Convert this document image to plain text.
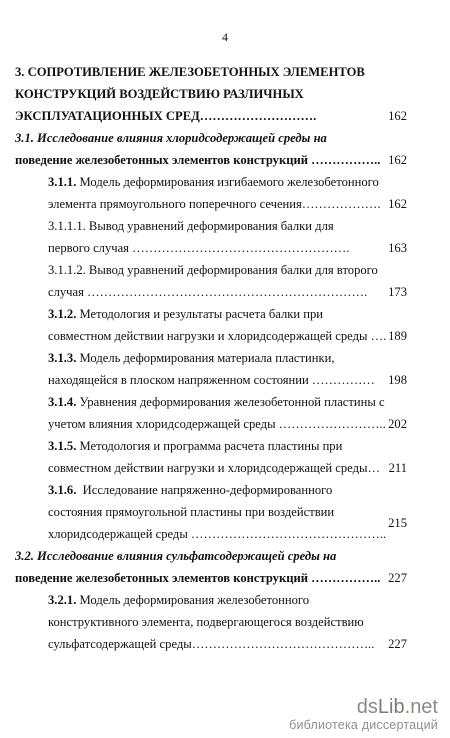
4
3. СОПРОТИВЛЕНИЕ ЖЕЛЕЗОБЕТОННЫХ ЭЛЕМЕНТОВ
КОНСТРУКЦИЙ ВОЗДЕЙСТВИЮ РАЗЛИЧНЫХ
ЭКСПЛУАТАЦИОННЫХ СРЕД……………………….	162
3.1. Исследование влияния хлоридсодержащей среды на
поведение железобетонных элементов конструкций …………….. 162
3.1.1. Модель деформирования изгибаемого железобетонного
элемента прямоугольного поперечного сечения………………. 162
3.1.1.1. Вывод уравнений деформирования балки для
первого случая …………………………………………….	163
3.1.1.2. Вывод уравнений деформирования балки для второго
случая …………………………………………………………. 173
3.1.2. Методология и результаты расчета балки при
совместном действии нагрузки и хлоридсодержащей среды …. 189
3.1.3. Модель деформирования материала пластинки,
находящейся в плоском напряженном состоянии …………… 198
3.1.4. Уравнения деформирования железобетонной пластины с
учетом влияния хлоридсодержащей среды …………………….. 202
3.1.5. Методология и программа расчета пластины при
совместном действии нагрузки и хлоридсодержащей среды… 211
3.1.6. Исследование напряженно-деформированного
состояния прямоугольной пластины при воздействии
хлоридсодержащей среды ………………………………………..
215
3.2. Исследование влияния сульфатсодержащей среды на
поведение железобетонных элементов конструкций …………….. 227
3.2.1. Модель деформирования железобетонного
конструктивного элемента, подвергающегося воздействию
сульфатсодержащей среды…………………………………….. 227
dsLib.net
библиотека диссертаций
